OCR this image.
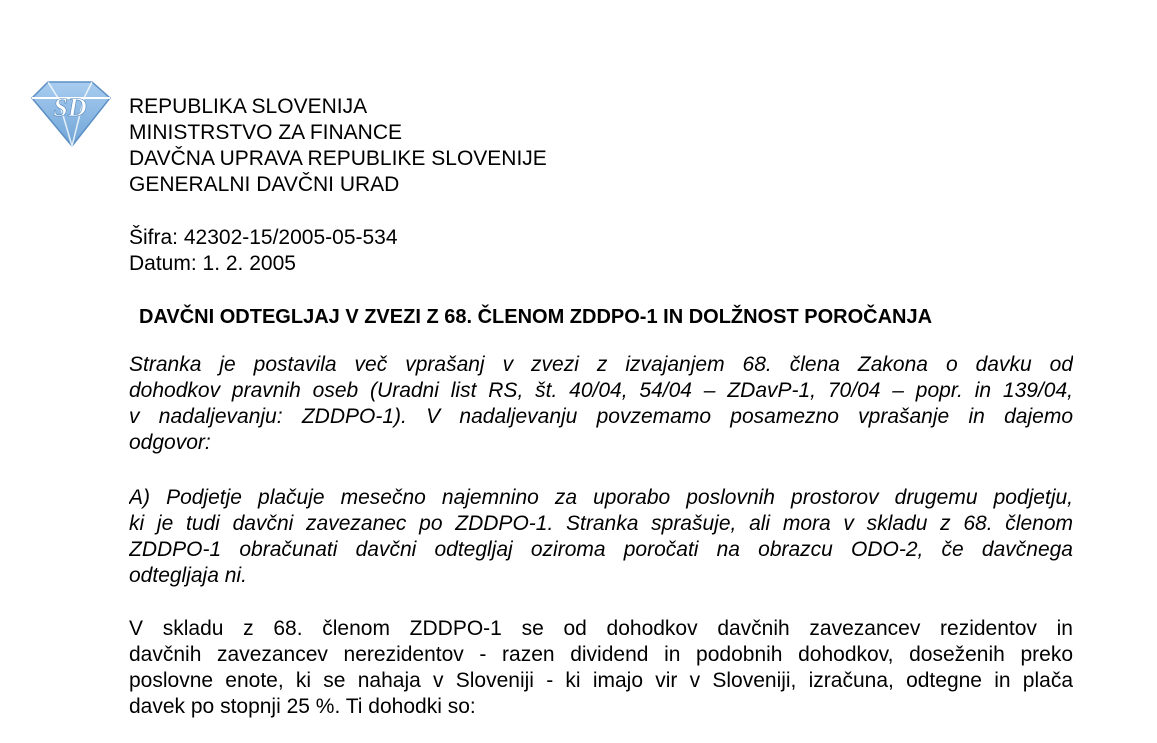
SD REPUBLIKA SLOVENIJA
MINISTRSTVO ZA FINANCE
DAVČNA UPRAVA REPUBLIKE SLOVENIJE
GENERALNI DAVČNI URAD
Šifra: 42302-15/2005-05-534
Datum: 1. 2. 2005
DAVČNI ODTEGLJAJ V ZVEZI Z 68. ČLENOM ZDDPO-1 IN DOLŽNOST POROČANJA
Stranka je postavila več vprašanj v zvezi z izvajanjem 68. člena Zakona o davku od
dohodkov pravnih oseb (Uradni list RS, št. 40/04, 54/04 – ZDavP-1, 70/04 – popr. in 139/04,
v nadaljevanju: ZDDPO-1). V nadaljevanju povzemamo posamezno vprašanje in dajemo
odgovor:
A) Podjetje plačuje mesečno najemnino za uporabo poslovnih prostorov drugemu podjetju,
ki je tudi davčni zavezanec po ZDDPO-1. Stranka sprašuje, ali mora v skladu z 68. členom
ZDDPO-1 obračunati davčni odtegljaj oziroma poročati na obrazcu ODO-2, če davčnega
odtegljaja ni.
V skladu z 68. členom ZDDPO-1 se od dohodkov davčnih zavezancev rezidentov in
davčnih zavezancev nerezidentov - razen dividend in podobnih dohodkov, doseženih preko
poslovne enote, ki se nahaja v Sloveniji - ki imajo vir v Sloveniji, izračuna, odtegne in plača
davek po stopnji 25 %. Ti dohodki so:
